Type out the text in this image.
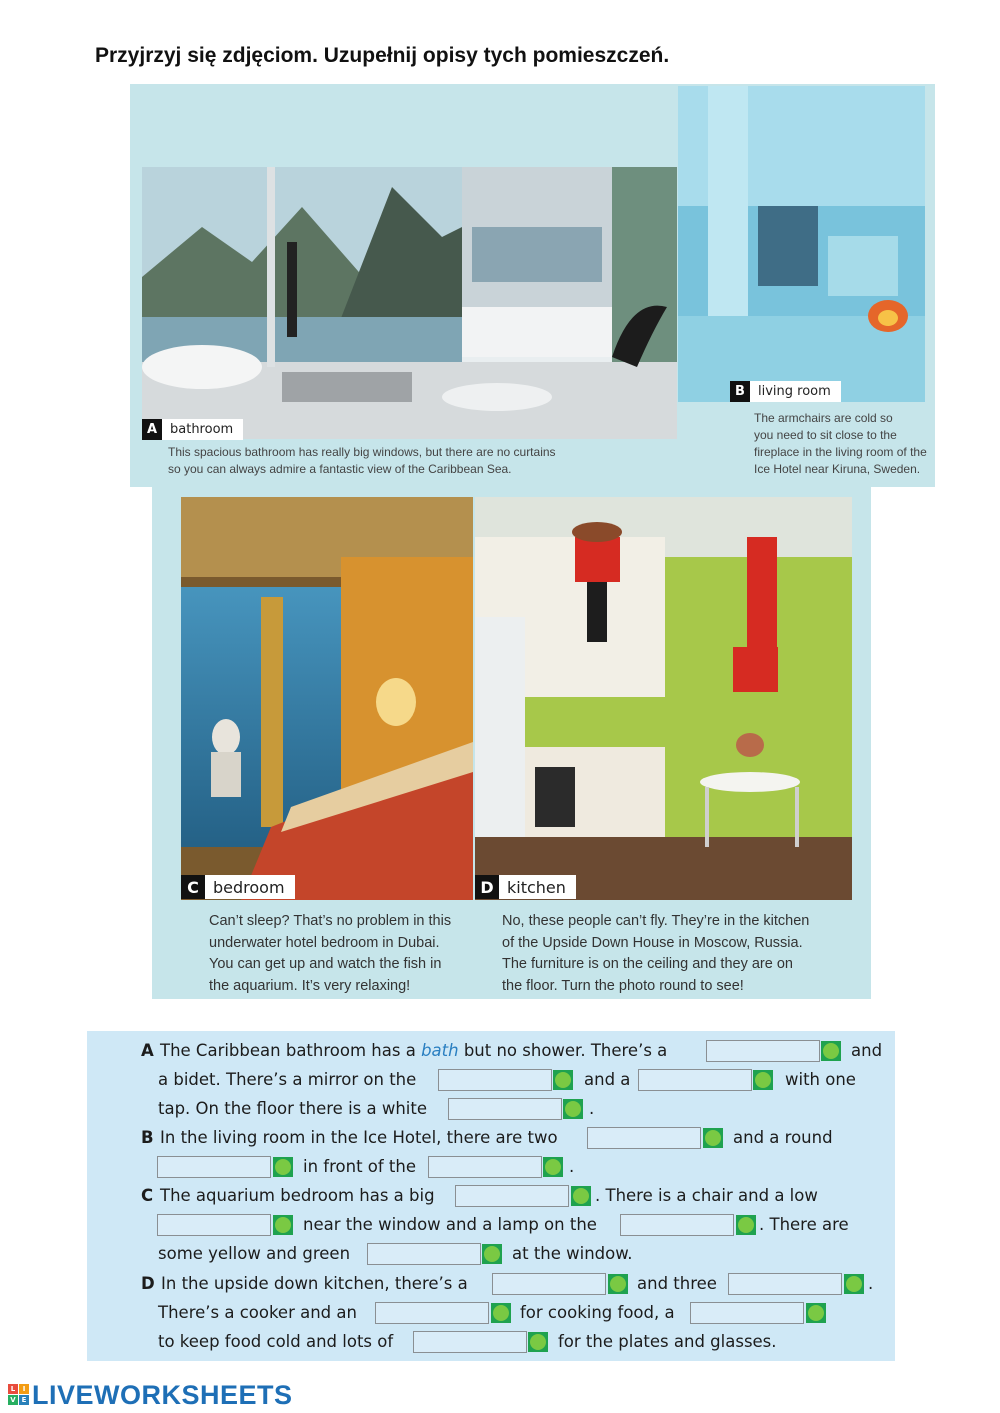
Przyjrzyj się zdjęciom. Uzupełnij opisy tych pomieszczeń.
A bathroom
This spacious bathroom has really big windows, but there are no curtains
so you can always admire a fantastic view of the Caribbean Sea.
B	living room
The armchairs are cold so
you need to sit close to the
fireplace in the living room of the
Ice Hotel near Kiruna, Sweden.
C bedroom
Can’t sleep? That’s no problem in this
underwater hotel bedroom in Dubai.
You can get up and watch the fish in
the aquarium. It’s very relaxing!
D kitchen
No, these people can’t fly. They’re in the kitchen
of the Upside Down House in Moscow, Russia.
The furniture is on the ceiling and they are on
the floor. Turn the photo round to see!
A The Caribbean bathroom has a bath but no shower. There’s a	and
a bidet. There’s a mirror on the	and a	with one
tap. On the floor there is a white	.
B In the living room in the Ice Hotel, there are two	and a round
in front of the	.
C The aquarium bedroom has a big	. There is a chair and a low
near the window and a lamp on the	. There are
some yellow and green	at the window.
D In the upside down kitchen, there’s a	and three	.
There’s a cooker and an	for cooking food, a
to keep food cold and lots of	for the plates and glasses.
L	I
V E LIVEWORKSHEETS
